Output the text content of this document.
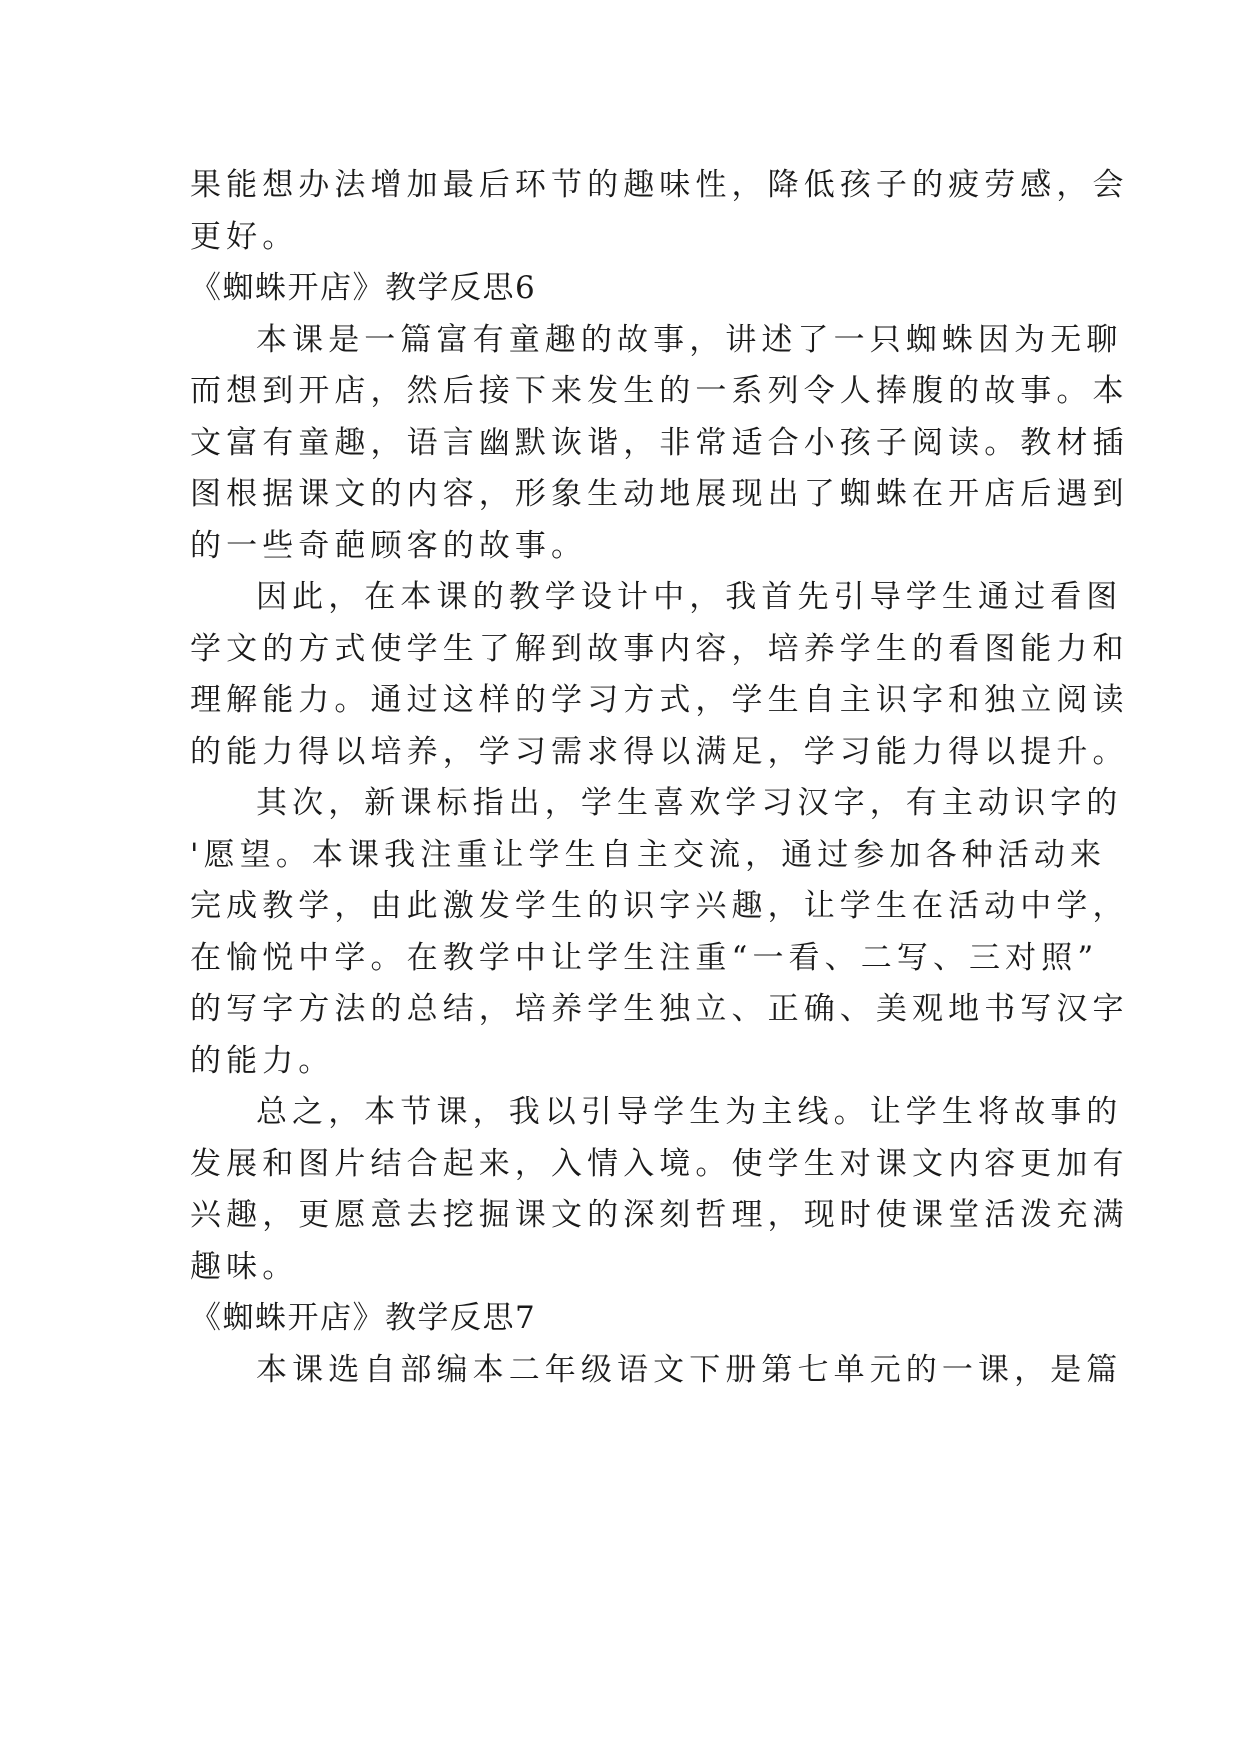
果能想办法增加最后环节的趣味性，降低孩子的疲劳感，会
更好。
《蜘蛛开店》教学反思6
本课是一篇富有童趣的故事，讲述了一只蜘蛛因为无聊
而想到开店，然后接下来发生的一系列令人捧腹的故事。本
文富有童趣，语言幽默诙谐，非常适合小孩子阅读。教材插
图根据课文的内容，形象生动地展现出了蜘蛛在开店后遇到
的一些奇葩顾客的故事。
因此，在本课的教学设计中，我首先引导学生通过看图
学文的方式使学生了解到故事内容，培养学生的看图能力和
理解能力。通过这样的学习方式，学生自主识字和独立阅读
的能力得以培养，学习需求得以满足，学习能力得以提升。
其次，新课标指出，学生喜欢学习汉字，有主动识字的
'愿望。本课我注重让学生自主交流，通过参加各种活动来
完成教学，由此激发学生的识字兴趣，让学生在活动中学，
在愉悦中学。在教学中让学生注重“一看、二写、三对照”
的写字方法的总结，培养学生独立、正确、美观地书写汉字
的能力。
总之，本节课，我以引导学生为主线。让学生将故事的
发展和图片结合起来，入情入境。使学生对课文内容更加有
兴趣，更愿意去挖掘课文的深刻哲理，现时使课堂活泼充满
趣味。
《蜘蛛开店》教学反思7
本课选自部编本二年级语文下册第七单元的一课，是篇
